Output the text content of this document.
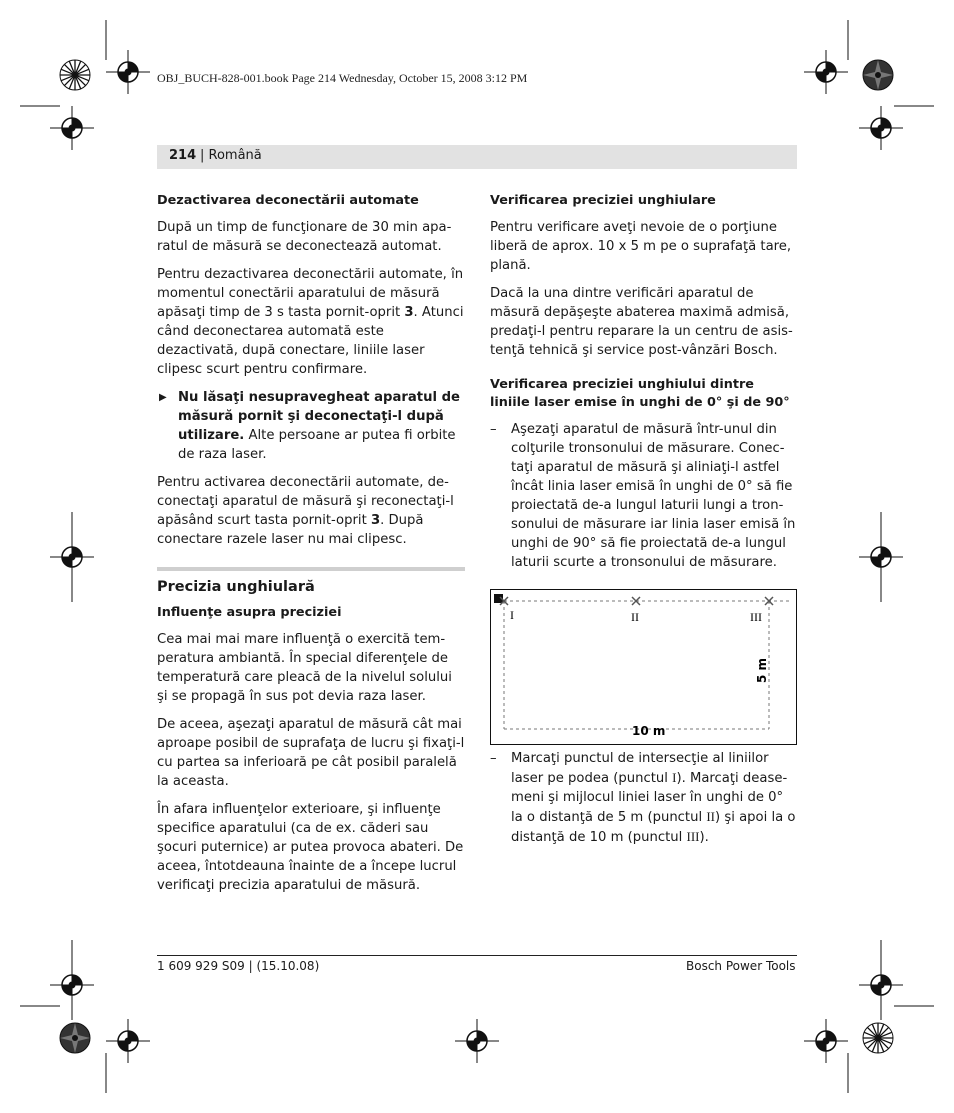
OBJ_BUCH-828-001.book Page 214 Wednesday, October 15, 2008 3:12 PM
214 | Română
Dezactivarea deconectării automate

După un timp de funcţionare de 30 min aparatul de măsură se deconectează automat.

Pentru dezactivarea deconectării automate, în momentul conectării aparatului de măsură apăsaţi timp de 3 s tasta pornit-oprit 3. Atunci când deconectarea automată este dezactivată, după conectare, liniile laser clipesc scurt pentru confirmare.

▶ Nu lăsaţi nesupravegheat aparatul de măsură pornit şi deconectaţi-l după utilizare. Alte persoane ar putea fi orbite de raza laser.

Pentru activarea deconectării automate, deconectaţi aparatul de măsură şi reconectaţi-l apăsând scurt tasta pornit-oprit 3. După conectare razele laser nu mai clipesc.

Precizia unghiulară
Influenţe asupra preciziei

Cea mai mai mare influenţă o exercită temperatura ambiantă. În special diferenţele de temperatură care pleacă de la nivelul solului şi se propagă în sus pot devia raza laser.

De aceea, aşezaţi aparatul de măsură cât mai aproape posibil de suprafaţa de lucru şi fixaţi-l cu partea sa inferioară pe cât posibil paralelă la aceasta.

În afara influenţelor exterioare, şi influenţe specifice aparatului (ca de ex. căderi sau şocuri puternice) ar putea provoca abateri. De aceea, întotdeauna înainte de a începe lucrul verificaţi precizia aparatului de măsură.

Verificarea preciziei unghiulare

Pentru verificare aveţi nevoie de o porţiune liberă de aprox. 10 x 5 m pe o suprafaţă tare, plană.

Dacă la una dintre verificări aparatul de măsură depăşeşte abaterea maximă admisă, predaţi-l pentru reparare la un centru de asistenţă tehnică şi service post-vânzări Bosch.

Verificarea preciziei unghiului dintre liniile laser emise în unghi de 0° şi de 90°
– Aşezaţi aparatul de măsură într-unul din colţurile tronsonului de măsurare. Conectaţi aparatul de măsură şi aliniaţi-l astfel încât linia laser emisă în unghi de 0° să fie proiectată de-a lungul laturii lungi a tronsonului de măsurare iar linia laser emisă în unghi de 90° să fie proiectată de-a lungul laturii scurte a tronsonului de măsurare.
I	II	III
5 m
10 m
– Marcaţi punctul de intersecţie al liniilor laser pe podea (punctul I). Marcaţi deasemeni şi mijlocul liniei laser în unghi de 0° la o distanţă de 5 m (punctul II) şi apoi la o distanţă de 10 m (punctul III).
1 609 929 S09 | (15.10.08)	Bosch Power Tools
